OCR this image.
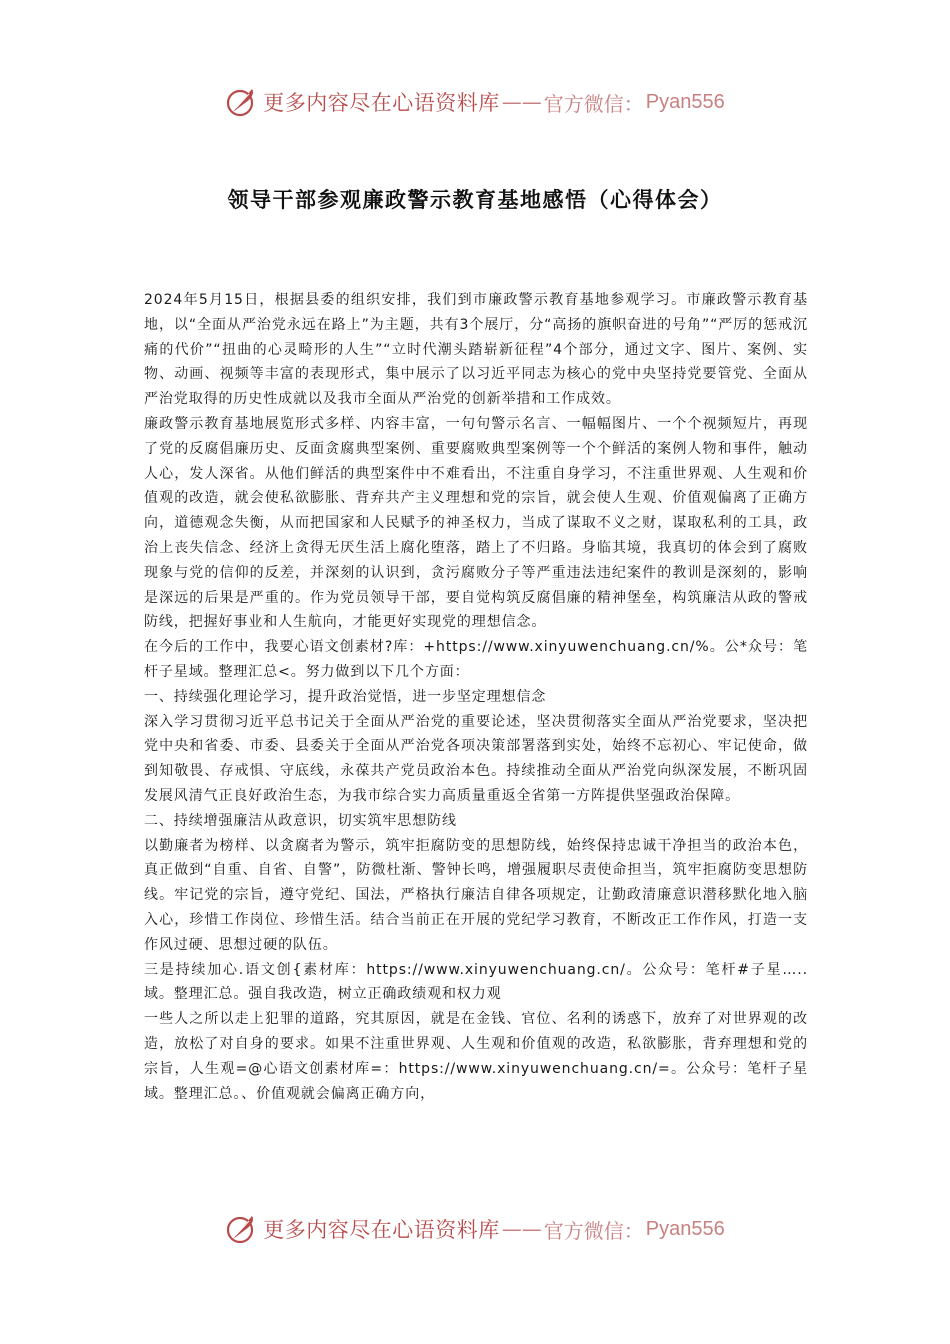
更多内容尽在心语资料库 —— 官方微信： Pyan556
领导干部参观廉政警示教育基地感悟（心得体会）

2024年5月15日，根据县委的组织安排，我们到市廉政警示教育基地参观学习。市廉政警示教育基地，以“全面从严治党永远在路上”为主题，共有3个展厅，分“高扬的旗帜奋进的号角”“严厉的惩戒沉痛的代价”“扭曲的心灵畸形的人生”“立时代潮头踏崭新征程”4个部分，通过文字、图片、案例、实物、动画、视频等丰富的表现形式，集中展示了以习近平同志为核心的党中央坚持党要管党、全面从严治党取得的历史性成就以及我市全面从严治党的创新举措和工作成效。

廉政警示教育基地展览形式多样、内容丰富，一句句警示名言、一幅幅图片、一个个视频短片，再现了党的反腐倡廉历史、反面贪腐典型案例、重要腐败典型案例等一个个鲜活的案例人物和事件，触动人心，发人深省。从他们鲜活的典型案件中不难看出，不注重自身学习，不注重世界观、人生观和价值观的改造，就会使私欲膨胀、背弃共产主义理想和党的宗旨，就会使人生观、价值观偏离了正确方向，道德观念失衡，从而把国家和人民赋予的神圣权力，当成了谋取不义之财，谋取私利的工具，政治上丧失信念、经济上贪得无厌生活上腐化堕落，踏上了不归路。身临其境，我真切的体会到了腐败现象与党的信仰的反差，并深刻的认识到，贪污腐败分子等严重违法违纪案件的教训是深刻的，影响是深远的后果是严重的。作为党员领导干部，要自觉构筑反腐倡廉的精神堡垒，构筑廉洁从政的警戒防线，把握好事业和人生航向，才能更好实现党的理想信念。

在今后的工作中，我要心语文创素材?库：+https://www.xinyuwenchuang.cn/%。公*众号：笔杆子星域。整理汇总<。努力做到以下几个方面：

一、持续强化理论学习，提升政治觉悟，进一步坚定理想信念

深入学习贯彻习近平总书记关于全面从严治党的重要论述，坚决贯彻落实全面从严治党要求，坚决把党中央和省委、市委、县委关于全面从严治党各项决策部署落到实处，始终不忘初心、牢记使命，做到知敬畏、存戒惧、守底线，永葆共产党员政治本色。持续推动全面从严治党向纵深发展，不断巩固发展风清气正良好政治生态，为我市综合实力高质量重返全省第一方阵提供坚强政治保障。

二、持续增强廉洁从政意识，切实筑牢思想防线

以勤廉者为榜样、以贪腐者为警示，筑牢拒腐防变的思想防线，始终保持忠诚干净担当的政治本色，真正做到“自重、自省、自警”，防微杜渐、警钟长鸣，增强履职尽责使命担当，筑牢拒腐防变思想防线。牢记党的宗旨，遵守党纪、国法，严格执行廉洁自律各项规定，让勤政清廉意识潜移默化地入脑入心，珍惜工作岗位、珍惜生活。结合当前正在开展的党纪学习教育，不断改正工作作风，打造一支作风过硬、思想过硬的队伍。

三是持续加心.语文创{素材库：https://www.xinyuwenchuang.cn/。公众号：笔杆#子星…..域。整理汇总。强自我改造，树立正确政绩观和权力观

一些人之所以走上犯罪的道路，究其原因，就是在金钱、官位、名利的诱惑下，放弃了对世界观的改造，放松了对自身的要求。如果不注重世界观、人生观和价值观的改造，私欲膨胀，背弃理想和党的宗旨，人生观=@心语文创素材库=：https://www.xinyuwenchuang.cn/=。公众号：笔杆子星域。整理汇总。、价值观就会偏离正确方向，

更多内容尽在心语资料库 —— 官方微信： Pyan556
